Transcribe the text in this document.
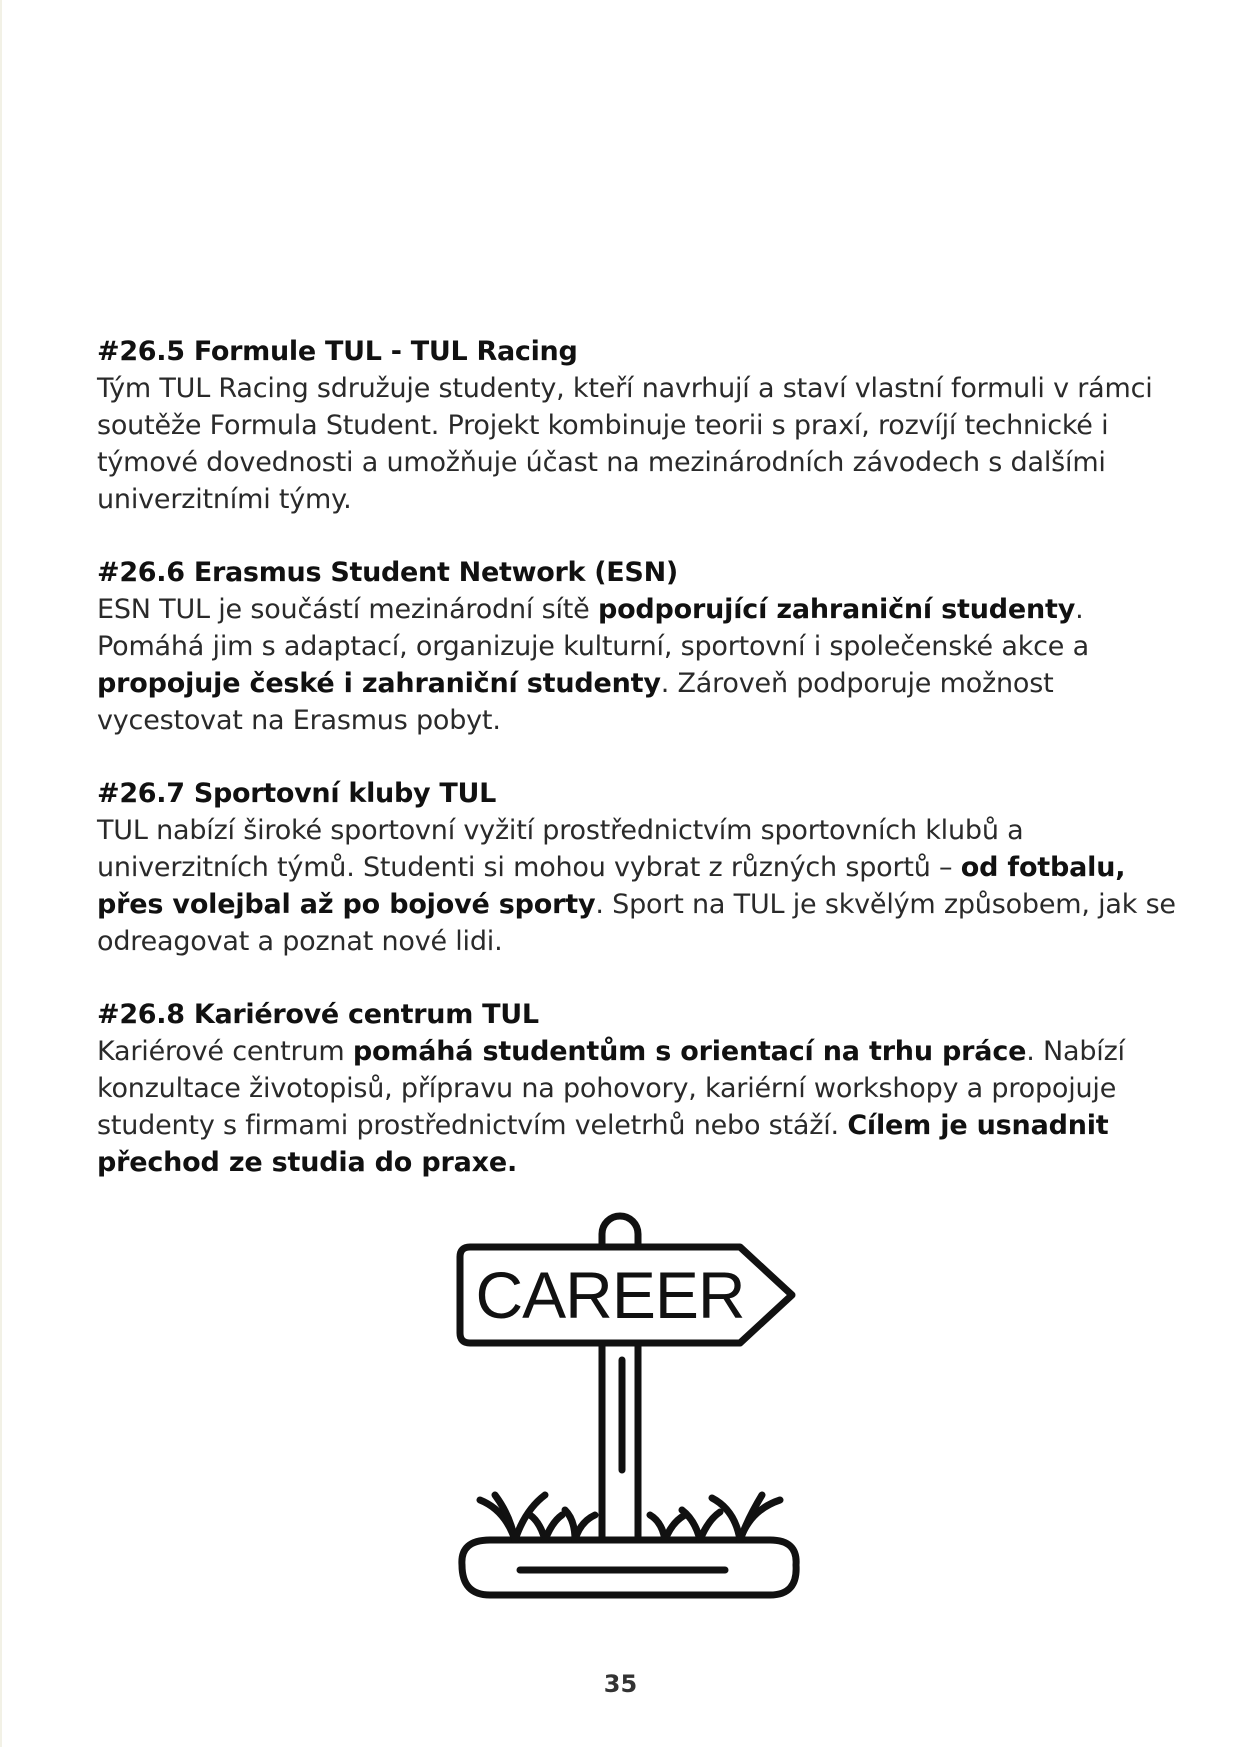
#26.5 Formule TUL - TUL Racing

Tým TUL Racing sdružuje studenty, kteří navrhují a staví vlastní formuli v rámci soutěže Formula Student. Projekt kombinuje teorii s praxí, rozvíjí technické i týmové dovednosti a umožňuje účast na mezinárodních závodech s dalšími univerzitními týmy.

#26.6 Erasmus Student Network (ESN)

ESN TUL je součástí mezinárodní sítě podporující zahraniční studenty. Pomáhá jim s adaptací, organizuje kulturní, sportovní i společenské akce a propojuje české i zahraniční studenty. Zároveň podporuje možnost vycestovat na Erasmus pobyt.

#26.7 Sportovní kluby TUL

TUL nabízí široké sportovní vyžití prostřednictvím sportovních klubů a univerzitních týmů. Studenti si mohou vybrat z různých sportů – od fotbalu, přes volejbal až po bojové sporty. Sport na TUL je skvělým způsobem, jak se odreagovat a poznat nové lidi.

#26.8 Kariérové centrum TUL

Kariérové centrum pomáhá studentům s orientací na trhu práce. Nabízí konzultace životopisů, přípravu na pohovory, kariérní workshopy a propojuje studenty s firmami prostřednictvím veletrhů nebo stáží. Cílem je usnadnit přechod ze studia do praxe.

CAREER
35
